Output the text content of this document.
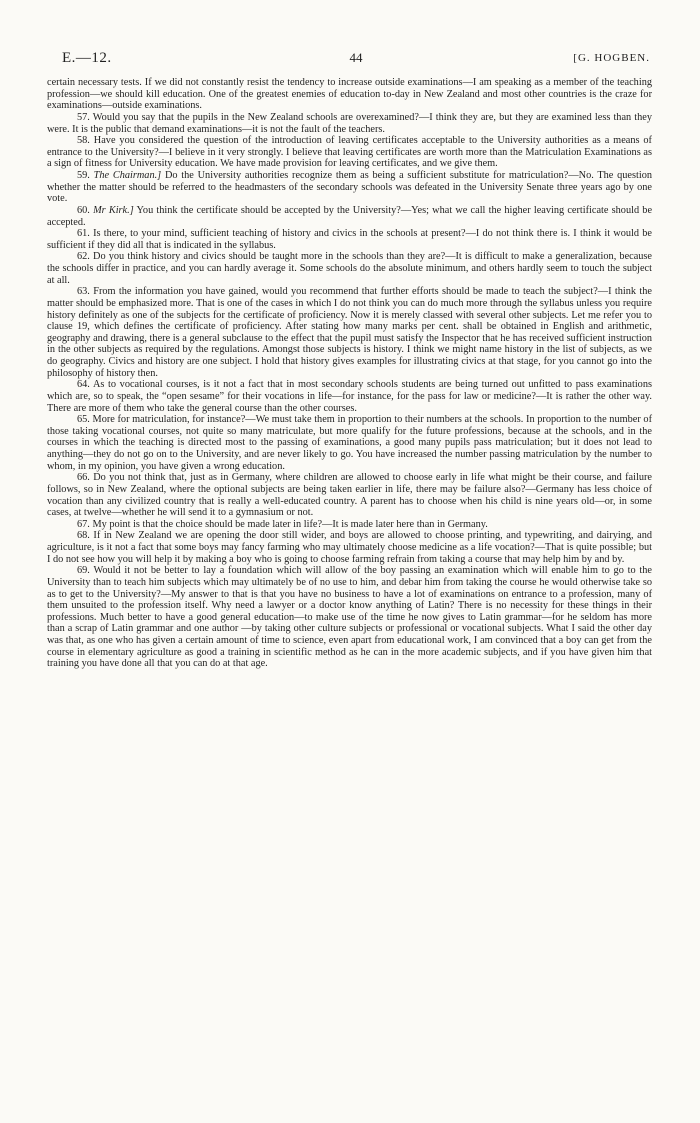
E.—12.	44	[G. HOGBEN.

certain necessary tests. If we did not constantly resist the tendency to increase outside examinations—I am speaking as a member of the teaching profession—we should kill education. One of the greatest enemies of education to-day in New Zealand and most other countries is the craze for examinations—outside examinations.

57. Would you say that the pupils in the New Zealand schools are overexamined?—I think they are, but they are examined less than they were. It is the public that demand examinations—it is not the fault of the teachers.

58. Have you considered the question of the introduction of leaving certificates acceptable to the University authorities as a means of entrance to the University?—I believe in it very strongly. I believe that leaving certificates are worth more than the Matriculation Examinations as a sign of fitness for University education. We have made provision for leaving certificates, and we give them.

59. The Chairman.] Do the University authorities recognize them as being a sufficient substitute for matriculation?—No. The question whether the matter should be referred to the headmasters of the secondary schools was defeated in the University Senate three years ago by one vote.

60. Mr Kirk.] You think the certificate should be accepted by the University?—Yes; what we call the higher leaving certificate should be accepted.

61. Is there, to your mind, sufficient teaching of history and civics in the schools at present?—I do not think there is. I think it would be sufficient if they did all that is indicated in the syllabus.

62. Do you think history and civics should be taught more in the schools than they are?—It is difficult to make a generalization, because the schools differ in practice, and you can hardly average it. Some schools do the absolute minimum, and others hardly seem to touch the subject at all.

63. From the information you have gained, would you recommend that further efforts should be made to teach the subject?—I think the matter should be emphasized more. That is one of the cases in which I do not think you can do much more through the syllabus unless you require history definitely as one of the subjects for the certificate of proficiency. Now it is merely classed with several other subjects. Let me refer you to clause 19, which defines the certificate of proficiency. After stating how many marks per cent. shall be obtained in English and arithmetic, geography and drawing, there is a general subclause to the effect that the pupil must satisfy the Inspector that he has received sufficient instruction in the other subjects as required by the regulations. Amongst those subjects is history. I think we might name history in the list of subjects, as we do geography. Civics and history are one subject. I hold that history gives examples for illustrating civics at that stage, for you cannot go into the philosophy of history then.

64. As to vocational courses, is it not a fact that in most secondary schools students are being turned out unfitted to pass examinations which are, so to speak, the “open sesame” for their vocations in life—for instance, for the pass for law or medicine?—It is rather the other way. There are more of them who take the general course than the other courses.

65. More for matriculation, for instance?—We must take them in proportion to their numbers at the schools. In proportion to the number of those taking vocational courses, not quite so many matriculate, but more qualify for the future professions, because at the schools, and in the courses in which the teaching is directed most to the passing of examinations, a good many pupils pass matriculation; but it does not lead to anything—they do not go on to the University, and are never likely to go. You have increased the number passing matriculation by the number to whom, in my opinion, you have given a wrong education.

66. Do you not think that, just as in Germany, where children are allowed to choose early in life what might be their course, and failure follows, so in New Zealand, where the optional subjects are being taken earlier in life, there may be failure also?—Germany has less choice of vocation than any civilized country that is really a well-educated country. A parent has to choose when his child is nine years old—or, in some cases, at twelve—whether he will send it to a gymnasium or not.

67. My point is that the choice should be made later in life?—It is made later here than in Germany.

68. If in New Zealand we are opening the door still wider, and boys are allowed to choose printing, and typewriting, and dairying, and agriculture, is it not a fact that some boys may fancy farming who may ultimately choose medicine as a life vocation?—That is quite possible; but I do not see how you will help it by making a boy who is going to choose farming refrain from taking a course that may help him by and by.

69. Would it not be better to lay a foundation which will allow of the boy passing an examination which will enable him to go to the University than to teach him subjects which may ultimately be of no use to him, and debar him from taking the course he would otherwise take so as to get to the University?—My answer to that is that you have no business to have a lot of examinations on entrance to a profession, many of them unsuited to the profession itself. Why need a lawyer or a doctor know anything of Latin? There is no necessity for these things in their professions. Much better to have a good general education—to make use of the time he now gives to Latin grammar—for he seldom has more than a scrap of Latin grammar and one author —by taking other culture subjects or professional or vocational subjects. What I said the other day was that, as one who has given a certain amount of time to science, even apart from educational work, I am convinced that a boy can get from the course in elementary agriculture as good a training in scientific method as he can in the more academic subjects, and if you have given him that training you have done all that you can do at that age.
